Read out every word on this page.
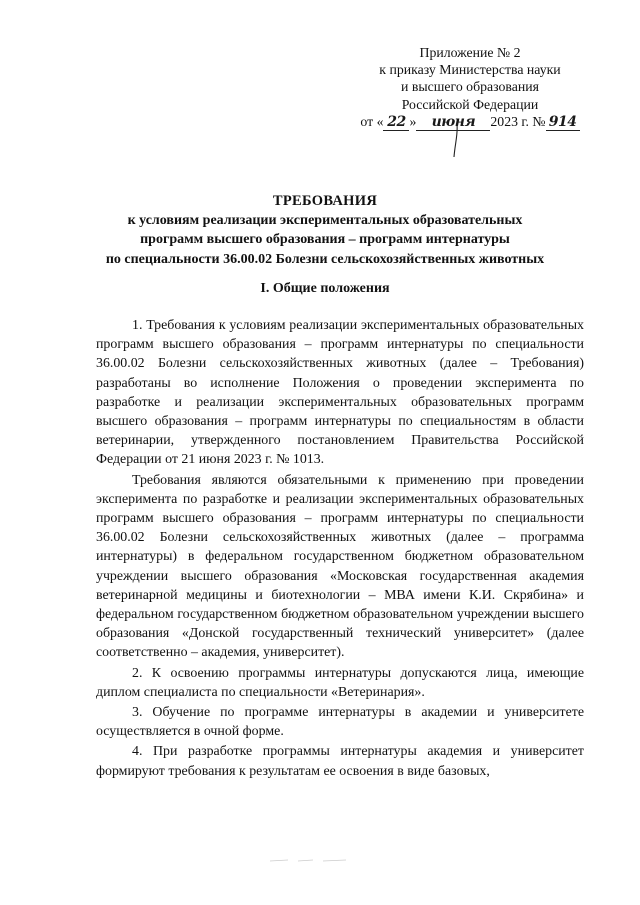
Приложение № 2
к приказу Министерства науки
и высшего образования
Российской Федерации
от « 22 » июня 2023 г. № 914
ТРЕБОВАНИЯ
к условиям реализации экспериментальных образовательных
программ высшего образования – программ интернатуры
по специальности 36.00.02 Болезни сельскохозяйственных животных
I. Общие положения

1. Требования к условиям реализации экспериментальных образовательных программ высшего образования – программ интернатуры по специальности 36.00.02 Болезни сельскохозяйственных животных (далее – Требования) разработаны во исполнение Положения о проведении эксперимента по разработке и реализации экспериментальных образовательных программ высшего образования – программ интернатуры по специальностям в области ветеринарии, утвержденного постановлением Правительства Российской Федерации от 21 июня 2023 г. № 1013.

Требования являются обязательными к применению при проведении эксперимента по разработке и реализации экспериментальных образовательных программ высшего образования – программ интернатуры по специальности 36.00.02 Болезни сельскохозяйственных животных (далее – программа интернатуры) в федеральном государственном бюджетном образовательном учреждении высшего образования «Московская государственная академия ветеринарной медицины и биотехнологии – МВА имени К.И. Скрябина» и федеральном государственном бюджетном образовательном учреждении высшего образования «Донской государственный технический университет» (далее соответственно – академия, университет).

2. К освоению программы интернатуры допускаются лица, имеющие диплом специалиста по специальности «Ветеринария».

3. Обучение по программе интернатуры в академии и университете осуществляется в очной форме.

4. При разработке программы интернатуры академия и университет формируют требования к результатам ее освоения в виде базовых,
